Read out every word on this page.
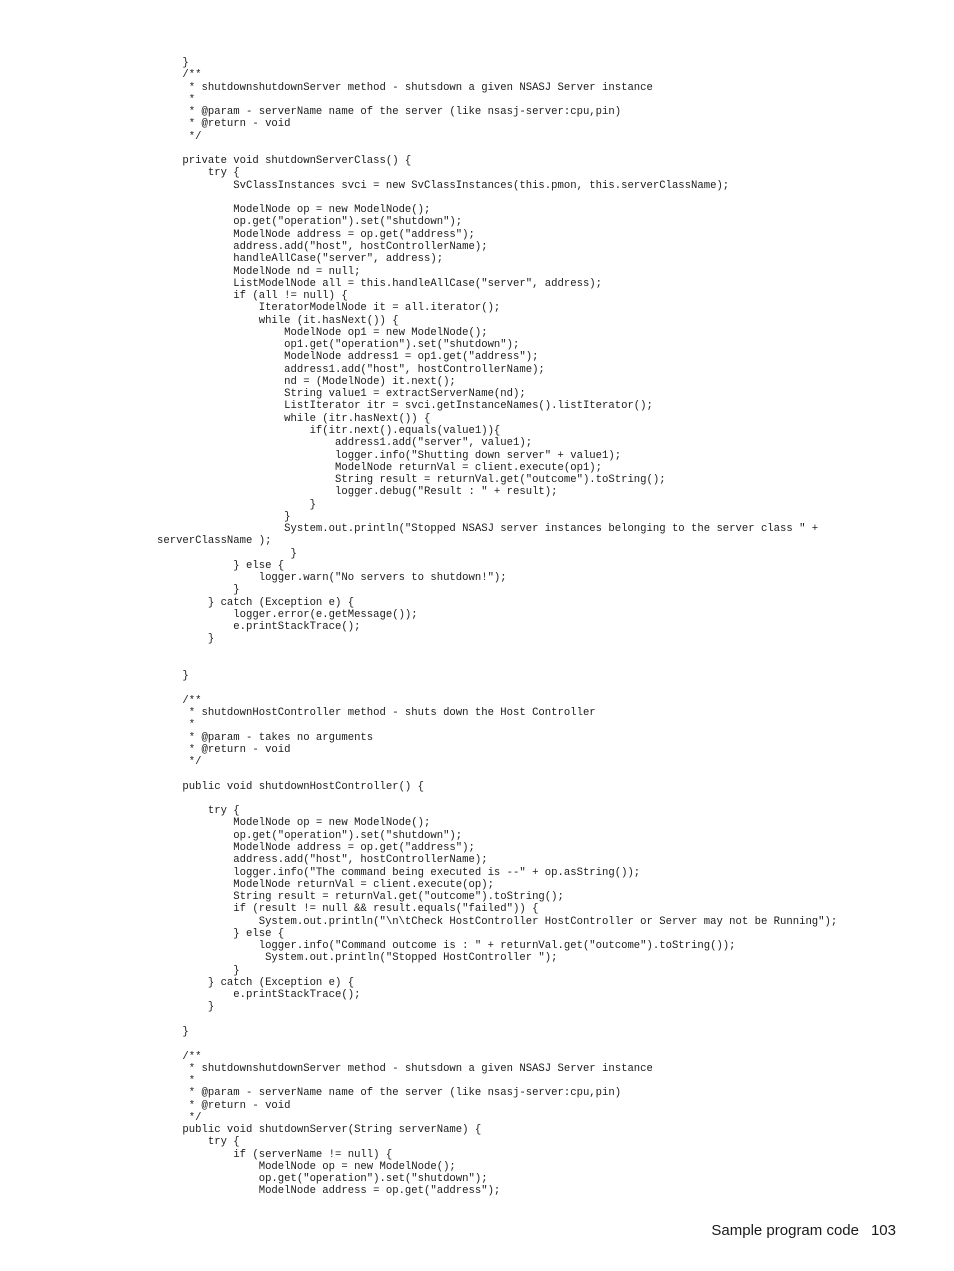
}
/**
* shutdownshutdownServer method - shutsdown a given NSASJ Server instance
*
* @param - serverName name of the server (like nsasj-server:cpu,pin)
* @return - void
*/

private void shutdownServerClass() {
try {
SvClassInstances svci = new SvClassInstances(this.pmon, this.serverClassName);

ModelNode op = new ModelNode();
op.get("operation").set("shutdown");
ModelNode address = op.get("address");
address.add("host", hostControllerName);
handleAllCase("server", address);
ModelNode nd = null;
ListModelNode all = this.handleAllCase("server", address);
if (all != null) {
IteratorModelNode it = all.iterator();
while (it.hasNext()) {
ModelNode op1 = new ModelNode();
op1.get("operation").set("shutdown");
ModelNode address1 = op1.get("address");
address1.add("host", hostControllerName);
nd = (ModelNode) it.next();
String value1 = extractServerName(nd);
ListIterator itr = svci.getInstanceNames().listIterator();
while (itr.hasNext()) {
if(itr.next().equals(value1)){
address1.add("server", value1);
logger.info("Shutting down server" + value1);
ModelNode returnVal = client.execute(op1);
String result = returnVal.get("outcome").toString();
logger.debug("Result : " + result);
}
}
System.out.println("Stopped NSASJ server instances belonging to the server class " +
serverClassName );
}
} else {
logger.warn("No servers to shutdown!");
}
} catch (Exception e) {
logger.error(e.getMessage());
e.printStackTrace();
}

}

/**
* shutdownHostController method - shuts down the Host Controller
*
* @param - takes no arguments
* @return - void
*/

public void shutdownHostController() {

try {
ModelNode op = new ModelNode();
op.get("operation").set("shutdown");
ModelNode address = op.get("address");
address.add("host", hostControllerName);
logger.info("The command being executed is --" + op.asString());
ModelNode returnVal = client.execute(op);
String result = returnVal.get("outcome").toString();
if (result != null && result.equals("failed")) {
System.out.println("\n\tCheck HostController HostController or Server may not be Running");
} else {
logger.info("Command outcome is : " + returnVal.get("outcome").toString());
System.out.println("Stopped HostController ");
}
} catch (Exception e) {
e.printStackTrace();
}

}

/**
* shutdownshutdownServer method - shutsdown a given NSASJ Server instance
*
* @param - serverName name of the server (like nsasj-server:cpu,pin)
* @return - void
*/
public void shutdownServer(String serverName) {
try {
if (serverName != null) {
ModelNode op = new ModelNode();
op.get("operation").set("shutdown");
ModelNode address = op.get("address");
Sample program code 103
